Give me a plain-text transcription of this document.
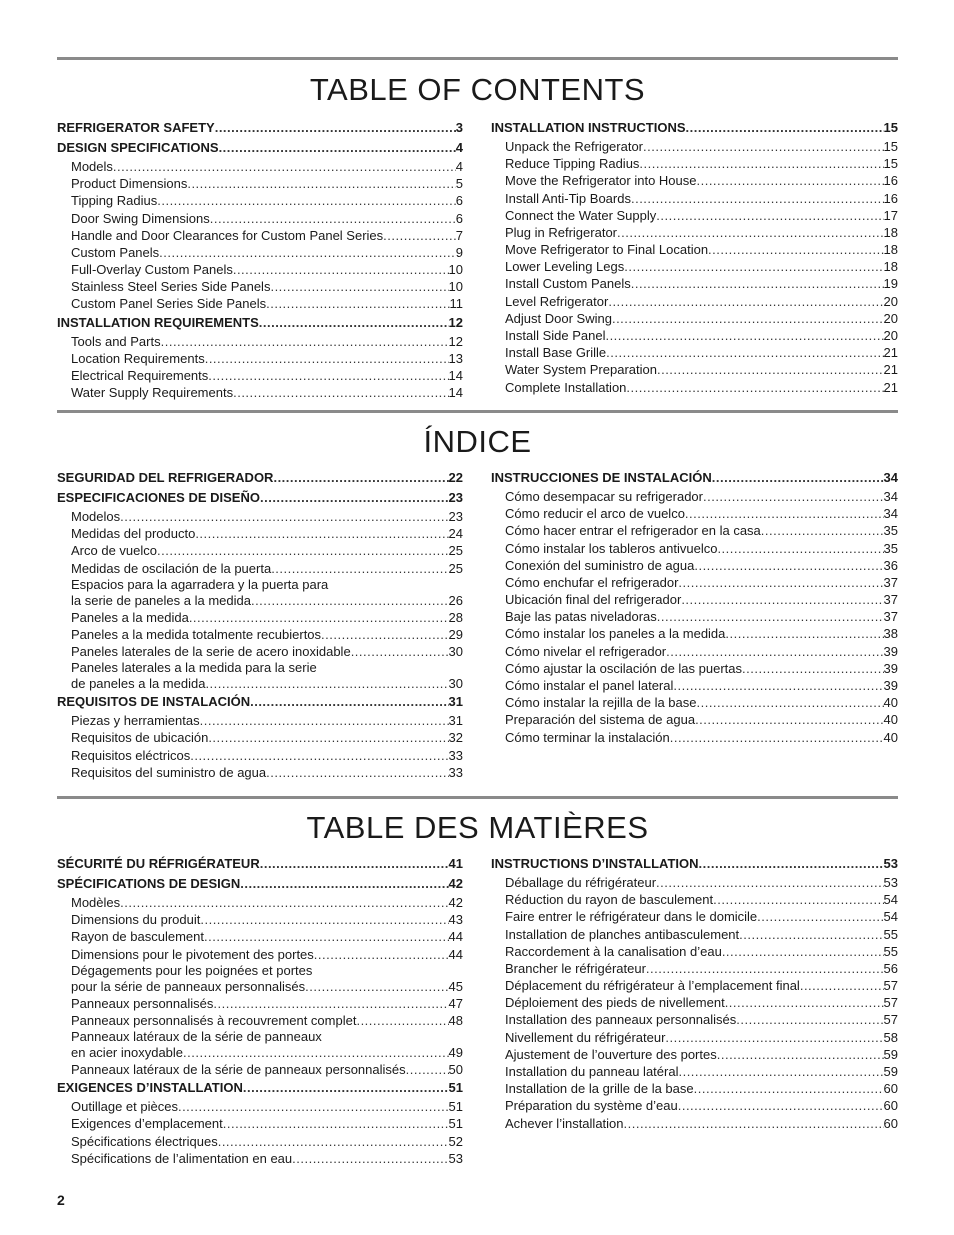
TABLE OF CONTENTS
REFRIGERATOR SAFETY .....	3
DESIGN SPECIFICATIONS .....	4
Models .....	4
Product Dimensions .....	5
Tipping Radius .....	6
Door Swing Dimensions .....	6
Handle and Door Clearances for Custom Panel Series .....	7
Custom Panels .....	9
Full-Overlay Custom Panels .....	10
Stainless Steel Series Side Panels .....	10
Custom Panel Series Side Panels .....	11
INSTALLATION REQUIREMENTS .....	12
Tools and Parts .....	12
Location Requirements .....	13
Electrical Requirements .....	14
Water Supply Requirements .....	14
INSTALLATION INSTRUCTIONS .....	15
Unpack the Refrigerator .....	15
Reduce Tipping Radius .....	15
Move the Refrigerator into House .....	16
Install Anti-Tip Boards .....	16
Connect the Water Supply .....	17
Plug in Refrigerator .....	18
Move Refrigerator to Final Location .....	18
Lower Leveling Legs .....	18
Install Custom Panels .....	19
Level Refrigerator .....	20
Adjust Door Swing .....	20
Install Side Panel .....	20
Install Base Grille .....	21
Water System Preparation .....	21
Complete Installation .....	21
ÍNDICE
SEGURIDAD DEL REFRIGERADOR .....	22
ESPECIFICACIONES DE DISEÑO .....	23
Modelos .....	23
Medidas del producto .....	24
Arco de vuelco .....	25
Medidas de oscilación de la puerta .....	25
Espacios para la agarradera y la puerta para
la serie de paneles a la medida .....	26
Paneles a la medida .....	28
Paneles a la medida totalmente recubiertos .....	29
Paneles laterales de la serie de acero inoxidable .....	30
Paneles laterales a la medida para la serie
de paneles a la medida .....	30
REQUISITOS DE INSTALACIÓN .....	31
Piezas y herramientas .....	31
Requisitos de ubicación .....	32
Requisitos eléctricos .....	33
Requisitos del suministro de agua .....	33
INSTRUCCIONES DE INSTALACIÓN .....	34
Cómo desempacar su refrigerador .....	34
Cómo reducir el arco de vuelco .....	34
Cómo hacer entrar el refrigerador en la casa .....	35
Cómo instalar los tableros antivuelco .....	35
Conexión del suministro de agua .....	36
Cómo enchufar el refrigerador .....	37
Ubicación final del refrigerador .....	37
Baje las patas niveladoras .....	37
Cómo instalar los paneles a la medida .....	38
Cómo nivelar el refrigerador .....	39
Cómo ajustar la oscilación de las puertas .....	39
Cómo instalar el panel lateral .....	39
Cómo instalar la rejilla de la base .....	40
Preparación del sistema de agua .....	40
Cómo terminar la instalación .....	40
TABLE DES MATIÈRES
SÉCURITÉ DU RÉFRIGÉRATEUR .....	41
SPÉCIFICATIONS DE DESIGN .....	42
Modèles .....	42
Dimensions du produit .....	43
Rayon de basculement .....	44
Dimensions pour le pivotement des portes .....	44
Dégagements pour les poignées et portes
pour la série de panneaux personnalisés .....	45
Panneaux personnalisés .....	47
Panneaux personnalisés à recouvrement complet .....	48
Panneaux latéraux de la série de panneaux
en acier inoxydable .....	49
Panneaux latéraux de la série de panneaux personnalisés .....	50
EXIGENCES D’INSTALLATION .....	51
Outillage et pièces .....	51
Exigences d’emplacement .....	51
Spécifications électriques .....	52
Spécifications de l’alimentation en eau .....	53
INSTRUCTIONS D’INSTALLATION .....	53
Déballage du réfrigérateur .....	53
Réduction du rayon de basculement .....	54
Faire entrer le réfrigérateur dans le domicile .....	54
Installation de planches antibasculement .....	55
Raccordement à la canalisation d’eau .....	55
Brancher le réfrigérateur .....	56
Déplacement du réfrigérateur à l’emplacement final .....	57
Déploiement des pieds de nivellement .....	57
Installation des panneaux personnalisés .....	57
Nivellement du réfrigérateur .....	58
Ajustement de l’ouverture des portes .....	59
Installation du panneau latéral .....	59
Installation de la grille de la base .....	60
Préparation du système d’eau .....	60
Achever l’installation .....	60
2
